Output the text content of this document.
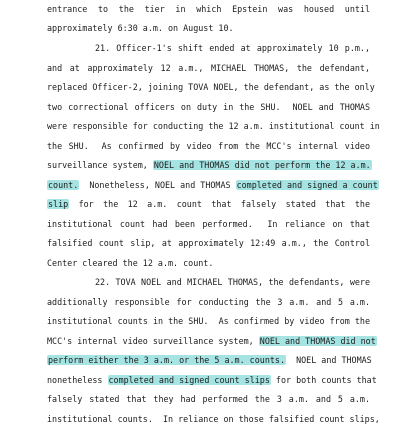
entrance to the tier in which Epstein was housed until
approximately 6:30 a.m. on August 10.
21. Officer-1's shift ended at approximately 10 p.m.,
and at approximately 12 a.m., MICHAEL THOMAS, the defendant,
replaced Officer-2, joining TOVA NOEL, the defendant, as the only
two correctional officers on duty in the SHU.  NOEL and THOMAS
were responsible for conducting the 12 a.m. institutional count in
the SHU.  As confirmed by video from the MCC's internal video
surveillance system, NOEL and THOMAS did not perform the 12 a.m.
count.  Nonetheless, NOEL and THOMAS completed and signed a count
slip for the 12 a.m. count that falsely stated that the
institutional count had been performed.  In reliance on that
falsified count slip, at approximately 12:49 a.m., the Control
Center cleared the 12 a.m. count.
22. TOVA NOEL and MICHAEL THOMAS, the defendants, were
additionally responsible for conducting the 3 a.m. and 5 a.m.
institutional counts in the SHU.  As confirmed by video from the
MCC's internal video surveillance system, NOEL and THOMAS did not
perform either the 3 a.m. or the 5 a.m. counts.  NOEL and THOMAS
nonetheless completed and signed count slips for both counts that
falsely stated that they had performed the 3 a.m. and 5 a.m.
institutional counts.  In reliance on those falsified count slips,
